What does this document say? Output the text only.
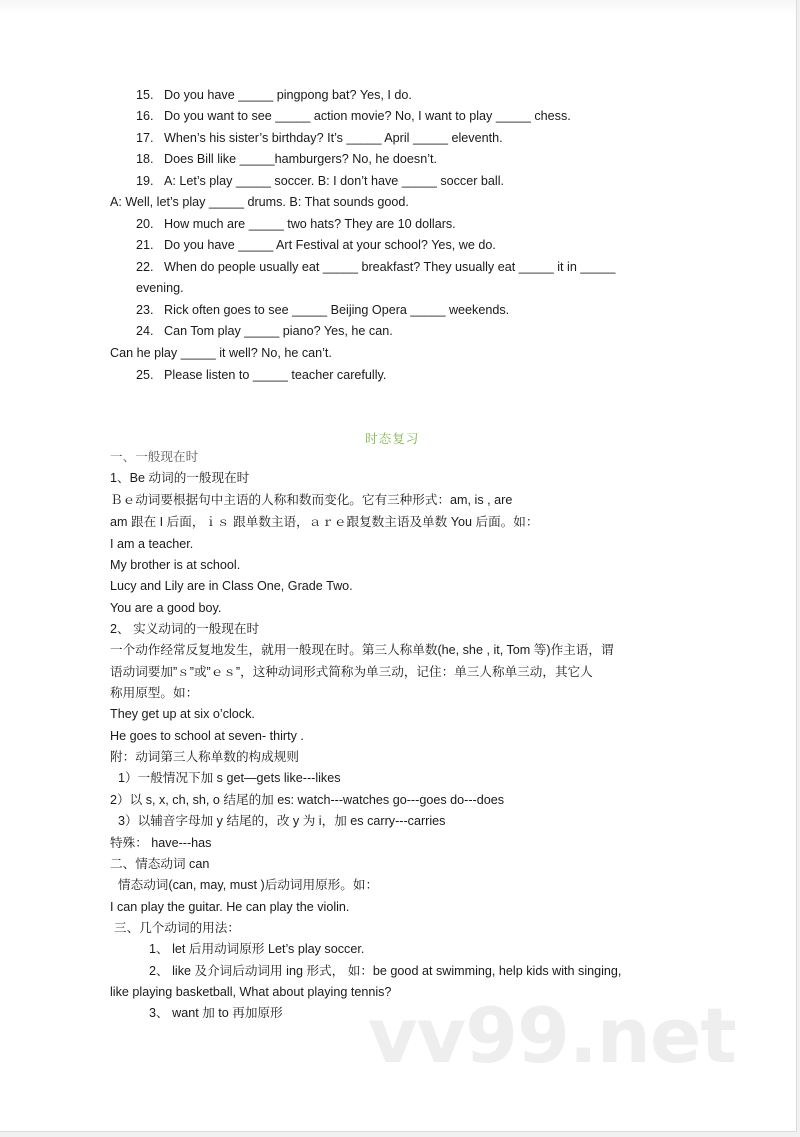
15. Do you have _____ pingpong bat? Yes, I do.
16. Do you want to see _____ action movie? No, I want to play _____ chess.
17. When’s his sister’s birthday? It’s _____ April _____ eleventh.
18. Does Bill like _____hamburgers? No, he doesn’t.
19. A: Let’s play _____ soccer. B: I don’t have _____ soccer ball.
A: Well, let’s play _____ drums. B: That sounds good.
20. How much are _____ two hats? They are 10 dollars.
21. Do you have _____ Art Festival at your school? Yes, we do.
22. When do people usually eat _____ breakfast? They usually eat _____ it in _____
evening.
23. Rick often goes to see _____ Beijing Opera _____ weekends.
24. Can Tom play _____ piano? Yes, he can.
Can he play _____ it well? No, he can’t.
25. Please listen to _____ teacher carefully.
时态复习
一、一般现在时
1、Be 动词的一般现在时
Ｂｅ动词要根据句中主语的人称和数而变化。它有三种形式：am, is , are
am 跟在 I 后面，ｉｓ 跟单数主语，ａｒｅ跟复数主语及单数 You 后面。如：
I am a teacher.
My brother is at school.
Lucy and Lily are in Class One, Grade Two.
You are a good boy.
2、 实义动词的一般现在时
一个动作经常反复地发生，就用一般现在时。第三人称单数(he, she , it, Tom 等)作主语，谓
语动词要加”ｓ”或”ｅｓ”，这种动词形式简称为单三动，记住：单三人称单三动，其它人
称用原型。如：
They get up at six o’clock.
He goes to school at seven- thirty .
附：动词第三人称单数的构成规则
1）一般情况下加 s get—gets like---likes
2）以 s, x, ch, sh, o 结尾的加 es: watch---watches go---goes do---does
3）以辅音字母加 y 结尾的，改 y 为 i，加 es carry---carries
特殊： have---has
二、情态动词 can
情态动词(can, may, must )后动词用原形。如：
I can play the guitar. He can play the violin.
三、几个动词的用法：
1、 let 后用动词原形 Let’s play soccer.
2、 like 及介词后动词用 ing 形式， 如：be good at swimming, help kids with singing,
like playing basketball, What about playing tennis?
3、 want 加 to 再加原形 vv99.net
